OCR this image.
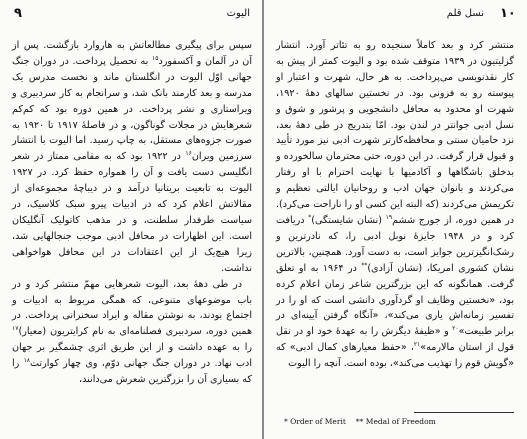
۹	اليوت

سپس برای پیگیری مطالعاتش به هاروارد بازگشت. پس از آن در آلمان و آکسفورد$^{۱۵}$ به تحصیل پرداخت. در دوران جنگ جهانی اوّل الیوت در انگلستان ماند و نخست مدرس یک مدرسه و بعد کارمند بانک شد، و سرانجام به کار سردبیری و ویراستاری و نشر پرداخت. در همین دوره بود که کم‌کم شعرهایش در مجلات گوناگون، و در فاصلهٔ ۱۹۱۷ تا ۱۹۲۰ به صورت جزوه‌های مستقل، به چاپ رسید. اما الیوت با انتشار سرزمین ویران$^{۱۶}$ در ۱۹۲۲ بود که به مقامی ممتاز در شعر انگلیسی دست یافت و آن را همواره حفظ کرد. در ۱۹۲۷ الیوت به تابعیت بریتانیا درآمد و در دیباچهٔ مجموعه‌ای از مقالاتش اعلام کرد که در ادبیات پیرو سبک کلاسیک، در سیاست طرفدار سلطنت، و در مذهب کاتولیک آنگلیکان است. این اظهارات در محافل ادبی موجب جنجالهایی شد، زیرا هیچ‌یک از این اعتقادات در این محافل هواخواهی نداشت.

در طی دههٔ بعد، الیوت شعرهایی مهمّ منتشر کرد و در باب موضوعهای متنوعی، که همگی مربوط به ادبیات و اجتماع بودند، به نوشتن مقاله و ایراد سخنرانی پرداخت. در همین دوره، سردبیری فصلنامه‌ای به نام کرایتریون (معیار)$^{۱۷}$ را به عهده داشت و از این طریق اثری چشمگیر بر جهان ادب نهاد. در دوران جنگ جهانی دوّم، وی چهار کوارتت$^{۱۸}$ را که بسیاری آن را بزرگترین شعرش می‌دانند،

نسل قلم ۱۰

منتشر کرد و بعد کاملاً سنجیده رو به تئاتر آورد. انتشار گزلیتیون در ۱۹۳۹ متوقف شده بود و الیوت کمتر از پیش به کار نقدنویسی می‌پرداخت. به هر حال، شهرت و اعتبار او پیوسته رو به فزونی بود. در نخستین سالهای دههٔ ۱۹۲۰، شهرت او محدود به محافل دانشجویی و پرشور و شوق و نسل ادبی جوانتر در لندن بود. امّا بتدریج در طی دههٔ بعد، نزد حامیان سنتی و محافظه‌کارتر شهرت ادبی نیز مورد تأیید و قبول قرار گرفت. در این دوره، حتی محترمان سالخورده و بدخلق باشگاهها و آکادمیها با نهایت احترام با او رفتار می‌کردند و بانوان جهان ادب و روحانیان ایالتی تعظیم و تکریمش می‌کردند (که البته این کسی او را ناراحت می‌کرد). در همین دوره، از جورج ششم$^{۱۹}$ (نشان شایستگی)* دریافت کرد و در ۱۹۴۸ جایزهٔ نوبل ادبی را، که نادرترین و رشک‌انگیزترین جوایز است، به دست آورد. همچنین، بالاترین نشان کشوری امریکا، (نشان آزادی)** در ۱۹۶۴ به او تعلق گرفت. همانگونه که این بزرگترین شاعر زمان اعلام کرده بود، «نخستین وظایف او گردآوری دانشی است که او را در تفسیر زمانه‌اش یاری می‌کند»، «آنگاه گرفتن آیینه‌ای در برابر طبیعت»$^{۲۰}$ و «ظیفهٔ دیگرش را به عهدهٔ خود او در نقل قول از استان مالارمه»$^{۲۱}$، «حفظ معیارهای کمال ادبی» که «گویش قوم را تهذیب می‌کند»، بوده است. آنچه را الیوت

* Order of Merit ** Medal of Freedom
